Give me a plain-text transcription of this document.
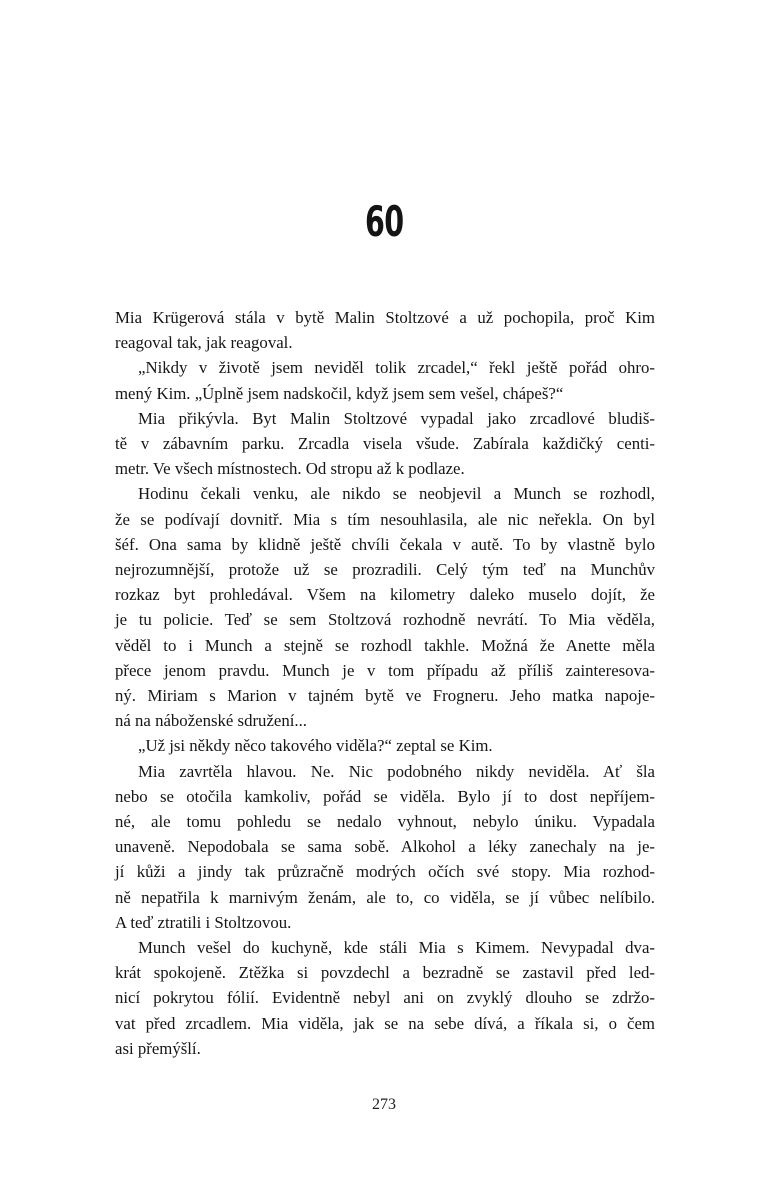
60
Mia Krügerová stála v bytě Malin Stoltzové a už pochopila, proč Kim
reagoval tak, jak reagoval.
„Nikdy v životě jsem neviděl tolik zrcadel,“ řekl ještě pořád ohro-
mený Kim. „Úplně jsem nadskočil, když jsem sem vešel, chápeš?“
Mia přikývla. Byt Malin Stoltzové vypadal jako zrcadlové bludiš-
tě v zábavním parku. Zrcadla visela všude. Zabírala každičký centi-
metr. Ve všech místnostech. Od stropu až k podlaze.
Hodinu čekali venku, ale nikdo se neobjevil a Munch se rozhodl,
že se podívají dovnitř. Mia s tím nesouhlasila, ale nic neřekla. On byl
šéf. Ona sama by klidně ještě chvíli čekala v autě. To by vlastně bylo
nejrozumnější, protože už se prozradili. Celý tým teď na Munchův
rozkaz byt prohledával. Všem na kilometry daleko muselo dojít, že
je tu policie. Teď se sem Stoltzová rozhodně nevrátí. To Mia věděla,
věděl to i Munch a stejně se rozhodl takhle. Možná že Anette měla
přece jenom pravdu. Munch je v tom případu až příliš zainteresova-
ný. Miriam s Marion v tajném bytě ve Frogneru. Jeho matka napoje-
ná na náboženské sdružení...
„Už jsi někdy něco takového viděla?“ zeptal se Kim.
Mia zavrtěla hlavou. Ne. Nic podobného nikdy neviděla. Ať šla
nebo se otočila kamkoliv, pořád se viděla. Bylo jí to dost nepříjem-
né, ale tomu pohledu se nedalo vyhnout, nebylo úniku. Vypadala
unaveně. Nepodobala se sama sobě. Alkohol a léky zanechaly na je-
jí kůži a jindy tak průzračně modrých očích své stopy. Mia rozhod-
ně nepatřila k marnivým ženám, ale to, co viděla, se jí vůbec nelíbilo.
A teď ztratili i Stoltzovou.
Munch vešel do kuchyně, kde stáli Mia s Kimem. Nevypadal dva-
krát spokojeně. Ztěžka si povzdechl a bezradně se zastavil před led-
nicí pokrytou fólií. Evidentně nebyl ani on zvyklý dlouho se zdržo-
vat před zrcadlem. Mia viděla, jak se na sebe dívá, a říkala si, o čem
asi přemýšlí.
273
